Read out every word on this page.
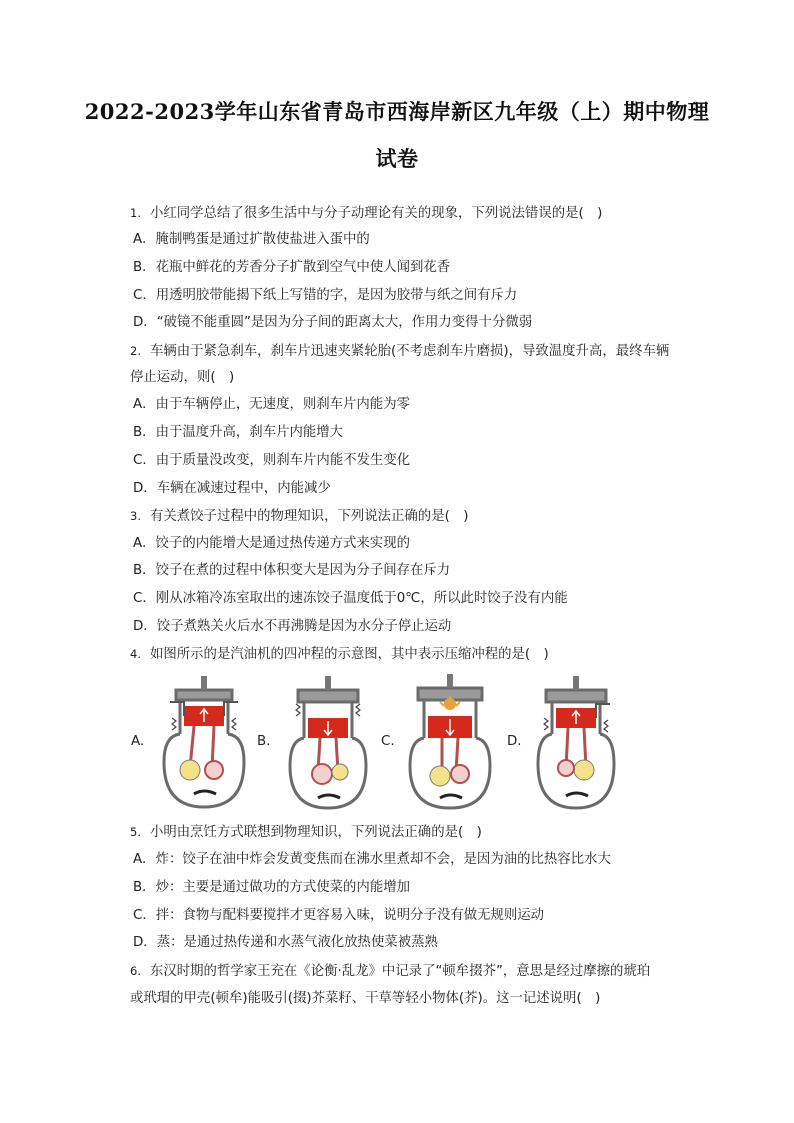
2022-2023学年山东省青岛市西海岸新区九年级（上）期中物理
试卷
1. 小红同学总结了很多生活中与分子动理论有关的现象，下列说法错误的是(　)
A．腌制鸭蛋是通过扩散使盐进入蛋中的
B．花瓶中鲜花的芳香分子扩散到空气中使人闻到花香
C．用透明胶带能揭下纸上写错的字，是因为胶带与纸之间有斥力
D．“破镜不能重圆”是因为分子间的距离太大，作用力变得十分微弱
2. 车辆由于紧急刹车，刹车片迅速夹紧轮胎(不考虑刹车片磨损)，导致温度升高，最终车辆
停止运动，则(　)
A．由于车辆停止，无速度，则刹车片内能为零
B．由于温度升高，刹车片内能增大
C．由于质量没改变，则刹车片内能不发生变化
D．车辆在减速过程中，内能减少
3. 有关煮饺子过程中的物理知识，下列说法正确的是(　)
A．饺子的内能增大是通过热传递方式来实现的
B．饺子在煮的过程中体积变大是因为分子间存在斥力
C．刚从冰箱冷冻室取出的速冻饺子温度低于0℃，所以此时饺子没有内能
D．饺子煮熟关火后水不再沸腾是因为水分子停止运动
4. 如图所示的是汽油机的四冲程的示意图，其中表示压缩冲程的是(　)
A.	B.	C.	D.
5. 小明由烹饪方式联想到物理知识，下列说法正确的是(　)
A．炸：饺子在油中炸会发黄变焦而在沸水里煮却不会，是因为油的比热容比水大
B．炒：主要是通过做功的方式使菜的内能增加
C．拌：食物与配料要搅拌才更容易入味，说明分子没有做无规则运动
D．蒸：是通过热传递和水蒸气液化放热使菜被蒸熟
6. 东汉时期的哲学家王充在《论衡·乱龙》中记录了“顿牟掇芥”，意思是经过摩擦的琥珀
或玳瑁的甲壳(顿牟)能吸引(掇)芥菜籽、干草等轻小物体(芥)。这一记述说明(　)
